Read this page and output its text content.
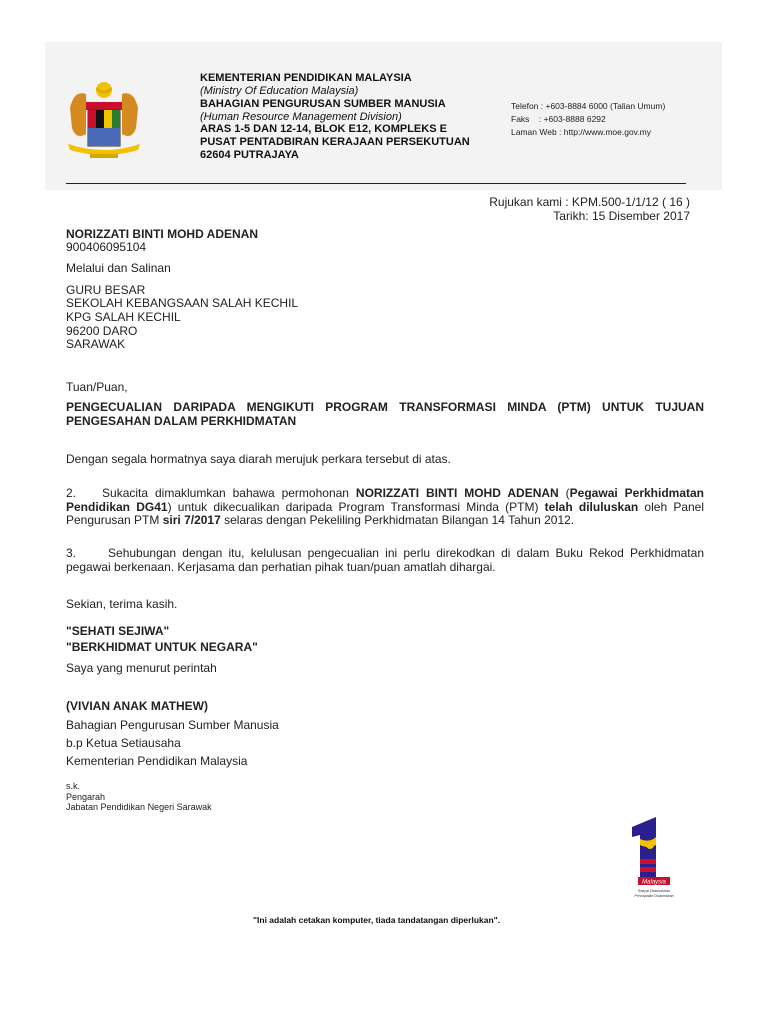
KEMENTERIAN PENDIDIKAN MALAYSIA
(Ministry Of Education Malaysia)
BAHAGIAN PENGURUSAN SUMBER MANUSIA
(Human Resource Management Division)
ARAS 1-5 DAN 12-14, BLOK E12, KOMPLEKS E
PUSAT PENTADBIRAN KERAJAAN PERSEKUTUAN
62604 PUTRAJAYA
Telefon : +603-8884 6000 (Talian Umum)
Faks    : +603-8888 6292
Laman Web : http://www.moe.gov.my
Rujukan kami : KPM.500-1/1/12 ( 16 )
Tarikh: 15 Disember 2017
NORIZZATI BINTI MOHD ADENAN
900406095104
Melalui dan Salinan
GURU BESAR
SEKOLAH KEBANGSAAN SALAH KECHIL
KPG SALAH KECHIL
96200 DARO
SARAWAK
Tuan/Puan,
PENGECUALIAN DARIPADA MENGIKUTI PROGRAM TRANSFORMASI MINDA (PTM) UNTUK TUJUAN PENGESAHAN DALAM PERKHIDMATAN
Dengan segala hormatnya saya diarah merujuk perkara tersebut di atas.
2. Sukacita dimaklumkan bahawa permohonan NORIZZATI BINTI MOHD ADENAN (Pegawai Perkhidmatan Pendidikan DG41) untuk dikecualikan daripada Program Transformasi Minda (PTM) telah diluluskan oleh Panel Pengurusan PTM siri 7/2017 selaras dengan Pekeliling Perkhidmatan Bilangan 14 Tahun 2012.
3.	Sehubungan dengan itu, kelulusan pengecualian ini perlu direkodkan di dalam Buku Rekod Perkhidmatan pegawai berkenaan. Kerjasama dan perhatian pihak tuan/puan amatlah dihargai.
Sekian, terima kasih.
"SEHATI SEJIWA"
"BERKHIDMAT UNTUK NEGARA"
Saya yang menurut perintah
(VIVIAN ANAK MATHEW)
Bahagian Pengurusan Sumber Manusia
b.p Ketua Setiausaha
Kementerian Pendidikan Malaysia
s.k.
Pengarah
Jabatan Pendidikan Negeri Sarawak
Malaysia
Rakyat Didahulukan
Pencapaian Diutamakan
"Ini adalah cetakan komputer, tiada tandatangan diperlukan".
